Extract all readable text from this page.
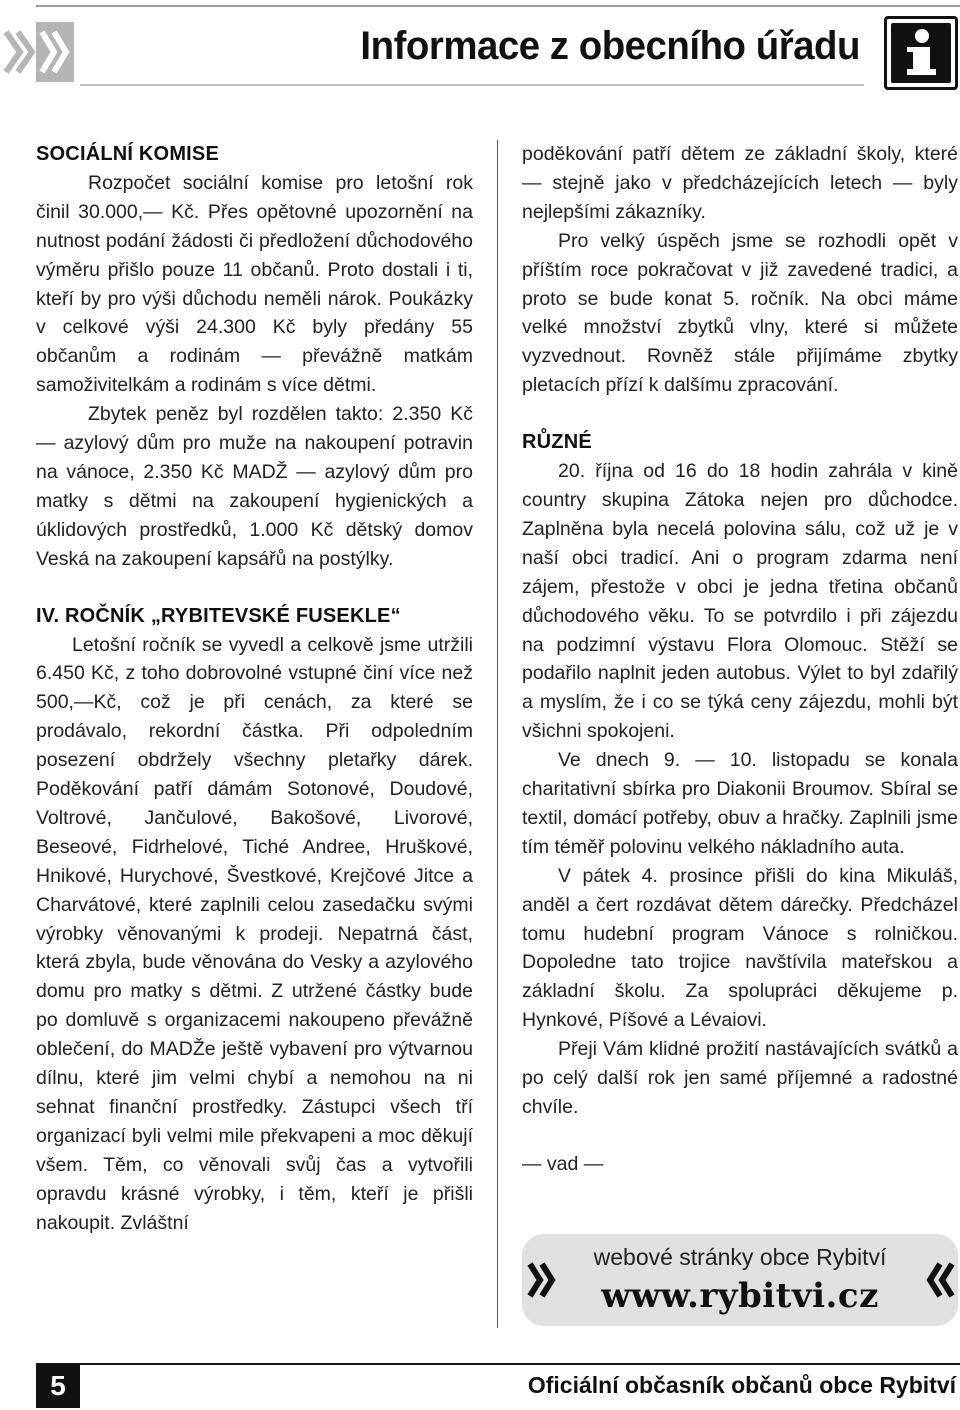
Informace z obecního úřadu
SOCIÁLNÍ KOMISE

Rozpočet sociální komise pro letošní rok činil 30.000,— Kč. Přes opětovné upozornění na nutnost podání žádosti či předložení důchodového výměru přišlo pouze 11 občanů. Proto dostali i ti, kteří by pro výši důchodu neměli nárok. Poukázky v celkové výši 24.300 Kč byly předány 55 občanům a rodinám — převážně matkám samoživitelkám a rodinám s více dětmi.

Zbytek peněz byl rozdělen takto: 2.350 Kč — azylový dům pro muže na nakoupení potravin na vánoce, 2.350 Kč MADŽ — azylový dům pro matky s dětmi na zakoupení hygienických a úklidových prostředků, 1.000 Kč dětský domov Veská na zakoupení kapsářů na postýlky.

IV. ROČNÍK „RYBITEVSKÉ FUSEKLE“

Letošní ročník se vyvedl a celkově jsme utržili 6.450 Kč, z toho dobrovolné vstupné činí více než 500,—Kč, což je při cenách, za které se prodávalo, rekordní částka. Při odpoledním posezení obdržely všechny pletařky dárek. Poděkování patří dámám Sotonové, Doudové, Voltrové, Jančulové, Bakošové, Livorové, Beseové, Fidrhelové, Tiché Andree, Hruškové, Hnikové, Hurychové, Švestkové, Krejčové Jitce a Charvátové, které zaplnili celou zasedačku svými výrobky věnovanými k prodeji. Nepatrná část, která zbyla, bude věnována do Vesky a azylového domu pro matky s dětmi. Z utržené částky bude po domluvě s organizacemi nakoupeno převážně oblečení, do MADŽe ještě vybavení pro výtvarnou dílnu, které jim velmi chybí a nemohou na ni sehnat finanční prostředky. Zástupci všech tří organizací byli velmi mile překvapeni a moc děkují všem. Těm, co věnovali svůj čas a vytvořili opravdu krásné výrobky, i těm, kteří je přišli nakoupit. Zvláštní

poděkování patří dětem ze základní školy, které — stejně jako v předcházejících letech — byly nejlepšími zákazníky.

Pro velký úspěch jsme se rozhodli opět v příštím roce pokračovat v již zavedené tradici, a proto se bude konat 5. ročník. Na obci máme velké množství zbytků vlny, které si můžete vyzvednout. Rovněž stále přijímáme zbytky pletacích přízí k dalšímu zpracování.

RŮZNÉ

20. října od 16 do 18 hodin zahrála v kině country skupina Zátoka nejen pro důchodce. Zaplněna byla necelá polovina sálu, což už je v naší obci tradicí. Ani o program zdarma není zájem, přestože v obci je jedna třetina občanů důchodového věku. To se potvrdilo i při zájezdu na podzimní výstavu Flora Olomouc. Stěží se podařilo naplnit jeden autobus. Výlet to byl zdařilý a myslím, že i co se týká ceny zájezdu, mohli být všichni spokojeni.

Ve dnech 9. — 10. listopadu se konala charitativní sbírka pro Diakonii Broumov. Sbíral se textil, domácí potřeby, obuv a hračky. Zaplnili jsme tím téměř polovinu velkého nákladního auta.

V pátek 4. prosince přišli do kina Mikuláš, anděl a čert rozdávat dětem dárečky. Předcházel tomu hudební program Vánoce s rolničkou. Dopoledne tato trojice navštívila mateřskou a základní školu. Za spolupráci děkujeme p. Hynkové, Píšové a Lévaiovi.

Přeji Vám klidné prožití nastávajících svátků a po celý další rok jen samé příjemné a radostné chvíle.

— vad —

webové stránky obce Rybitví
www.rybitvi.cz
5	Oficiální občasník občanů obce Rybitví
